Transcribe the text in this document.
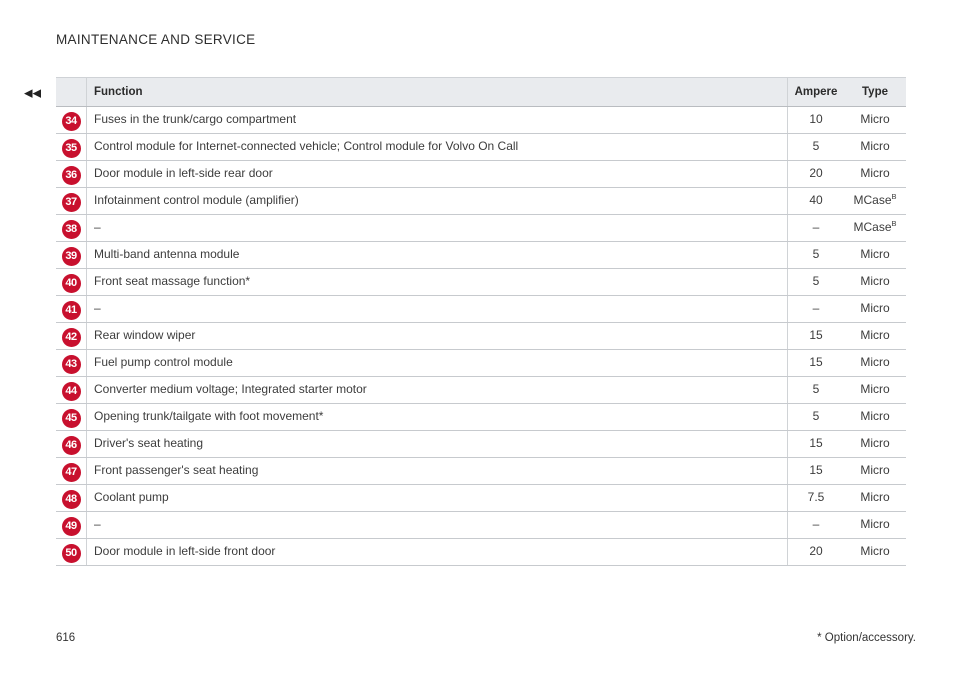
MAINTENANCE AND SERVICE
◂◂
		Function	Ampere	Type
34	Fuses in the trunk/cargo compartment	10	Micro
35	Control module for Internet-connected vehicle; Control module for Volvo On Call	5	Micro
36	Door module in left-side rear door	20	Micro
37	Infotainment control module (amplifier)	40	MCase$^B$
38	–	–	MCase$^B$
39	Multi-band antenna module	5	Micro
40	Front seat massage function*	5	Micro
41	–	–	Micro
42	Rear window wiper	15	Micro
43	Fuel pump control module	15	Micro
44	Converter medium voltage; Integrated starter motor	5	Micro
45	Opening trunk/tailgate with foot movement*	5	Micro
46	Driver's seat heating	15	Micro
47	Front passenger's seat heating	15	Micro
48	Coolant pump	7.5	Micro
49	–	–	Micro
50	Door module in left-side front door	20	Micro
616	* Option/accessory.
